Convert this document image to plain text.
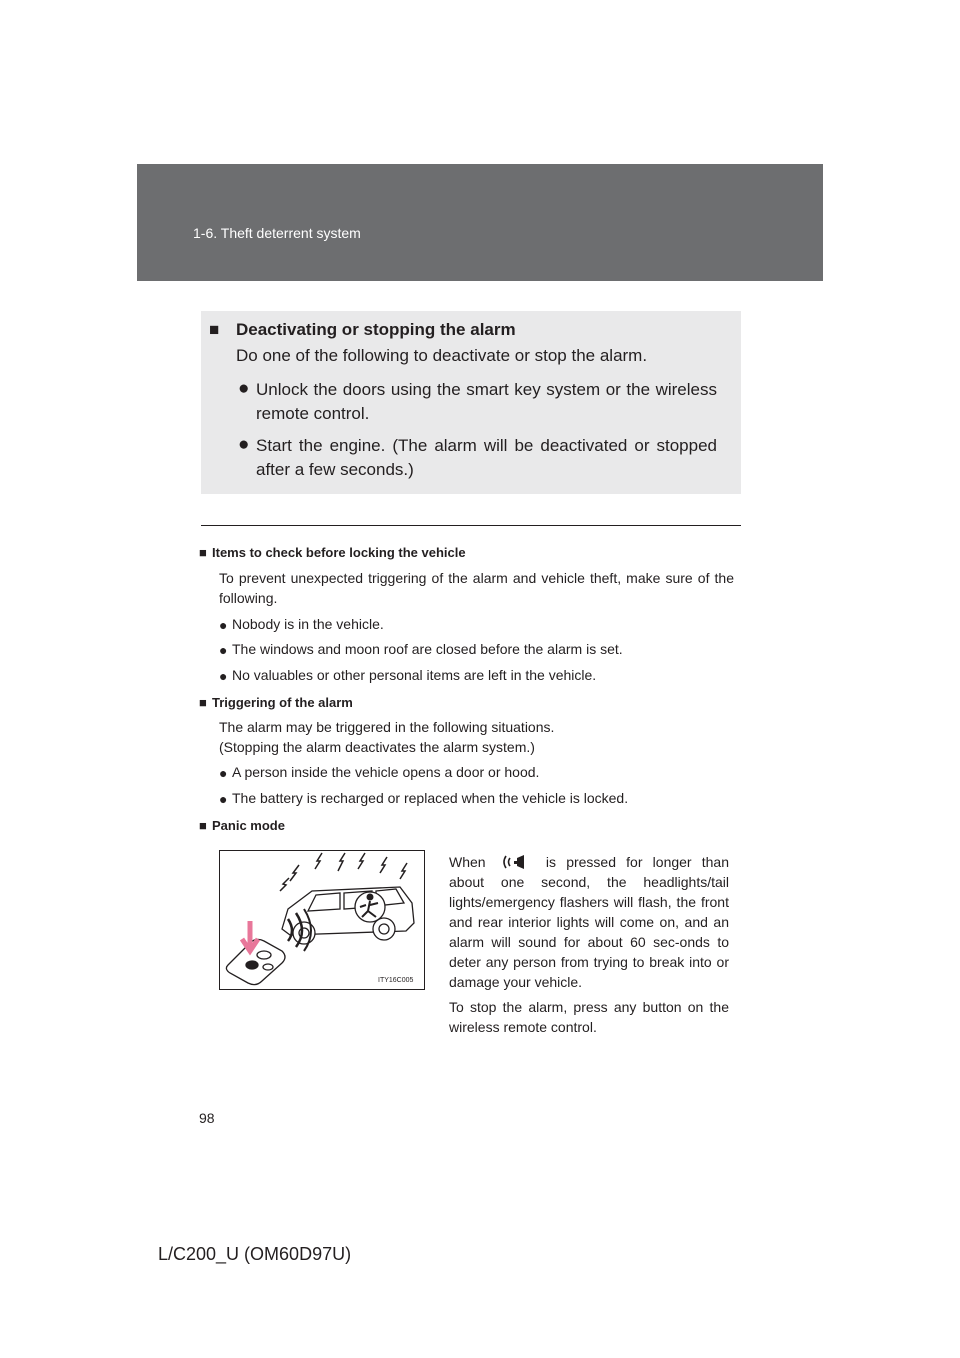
1-6. Theft deterrent system
■ Deactivating or stopping the alarm
Do one of the following to deactivate or stop the alarm.
● Unlock the doors using the smart key system or the wireless remote control.
● Start the engine. (The alarm will be deactivated or stopped after a few seconds.)
■ Items to check before locking the vehicle
To prevent unexpected triggering of the alarm and vehicle theft, make sure of the following.
● Nobody is in the vehicle.
● The windows and moon roof are closed before the alarm is set.
● No valuables or other personal items are left in the vehicle.
■ Triggering of the alarm
The alarm may be triggered in the following situations.
(Stopping the alarm deactivates the alarm system.)
● A person inside the vehicle opens a door or hood.
● The battery is recharged or replaced when the vehicle is locked.
■ Panic mode
ITY16C005
When	is pressed for longer than about one second, the headlights/tail lights/emergency flashers will flash, the front and rear interior lights will come on, and an alarm will sound for about 60 sec-onds to deter any person from trying to break into or damage your vehicle.
To stop the alarm, press any button on the wireless remote control.
98
L/C200_U (OM60D97U)
